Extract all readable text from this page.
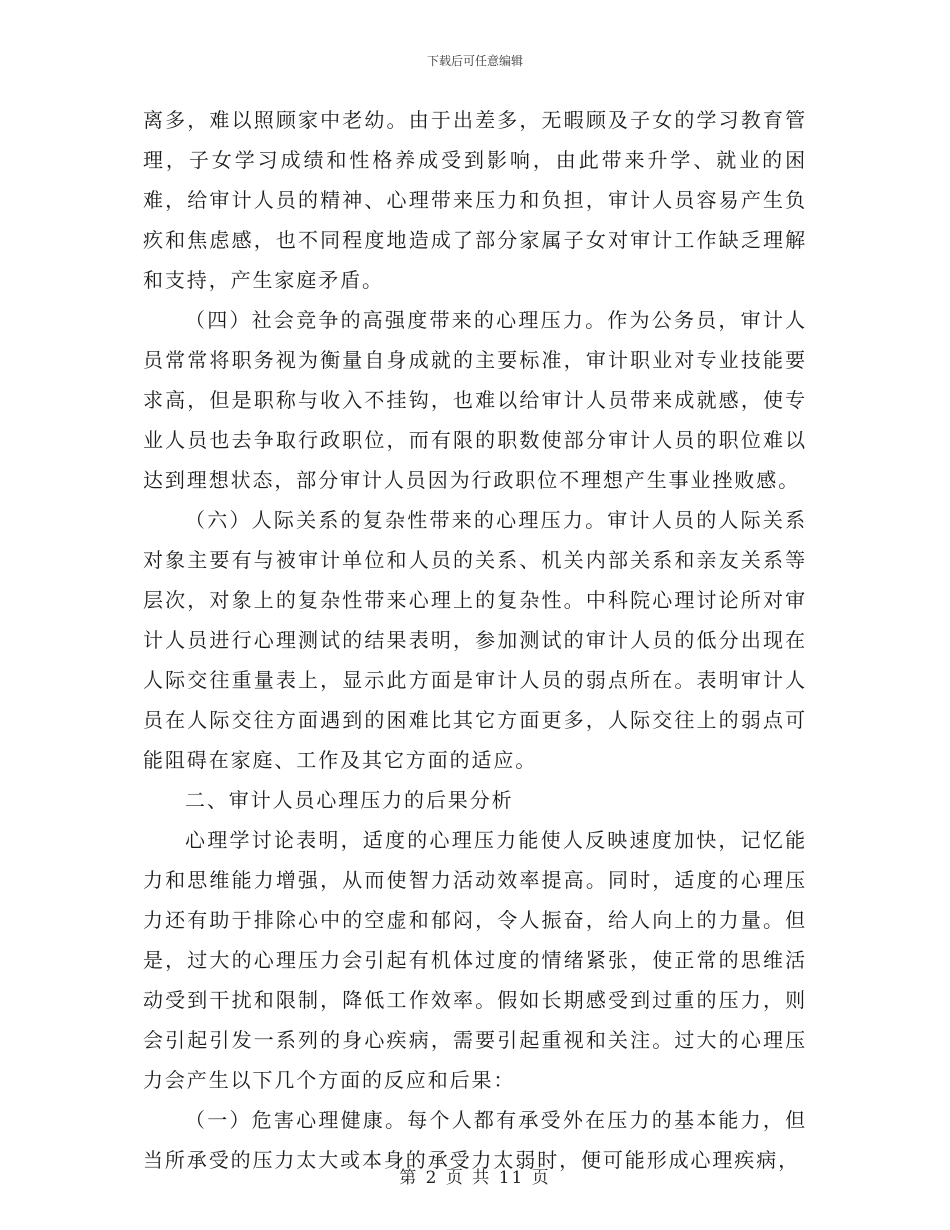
下载后可任意编辑

离多，难以照顾家中老幼。由于出差多，无暇顾及子女的学习教育管理，子女学习成绩和性格养成受到影响，由此带来升学、就业的困难，给审计人员的精神、心理带来压力和负担，审计人员容易产生负疚和焦虑感，也不同程度地造成了部分家属子女对审计工作缺乏理解和支持，产生家庭矛盾。

（四）社会竞争的高强度带来的心理压力。作为公务员，审计人员常常将职务视为衡量自身成就的主要标准，审计职业对专业技能要求高，但是职称与收入不挂钩，也难以给审计人员带来成就感，使专业人员也去争取行政职位，而有限的职数使部分审计人员的职位难以达到理想状态，部分审计人员因为行政职位不理想产生事业挫败感。

（六）人际关系的复杂性带来的心理压力。审计人员的人际关系对象主要有与被审计单位和人员的关系、机关内部关系和亲友关系等层次，对象上的复杂性带来心理上的复杂性。中科院心理讨论所对审计人员进行心理测试的结果表明，参加测试的审计人员的低分出现在人际交往重量表上，显示此方面是审计人员的弱点所在。表明审计人员在人际交往方面遇到的困难比其它方面更多，人际交往上的弱点可能阻碍在家庭、工作及其它方面的适应。

二、审计人员心理压力的后果分析

心理学讨论表明，适度的心理压力能使人反映速度加快，记忆能力和思维能力增强，从而使智力活动效率提高。同时，适度的心理压力还有助于排除心中的空虚和郁闷，令人振奋，给人向上的力量。但是，过大的心理压力会引起有机体过度的情绪紧张，使正常的思维活动受到干扰和限制，降低工作效率。假如长期感受到过重的压力，则会引起引发一系列的身心疾病，需要引起重视和关注。过大的心理压力会产生以下几个方面的反应和后果：

（一）危害心理健康。每个人都有承受外在压力的基本能力，但当所承受的压力太大或本身的承受力太弱时，便可能形成心理疾病，

第 2 页 共 11 页
